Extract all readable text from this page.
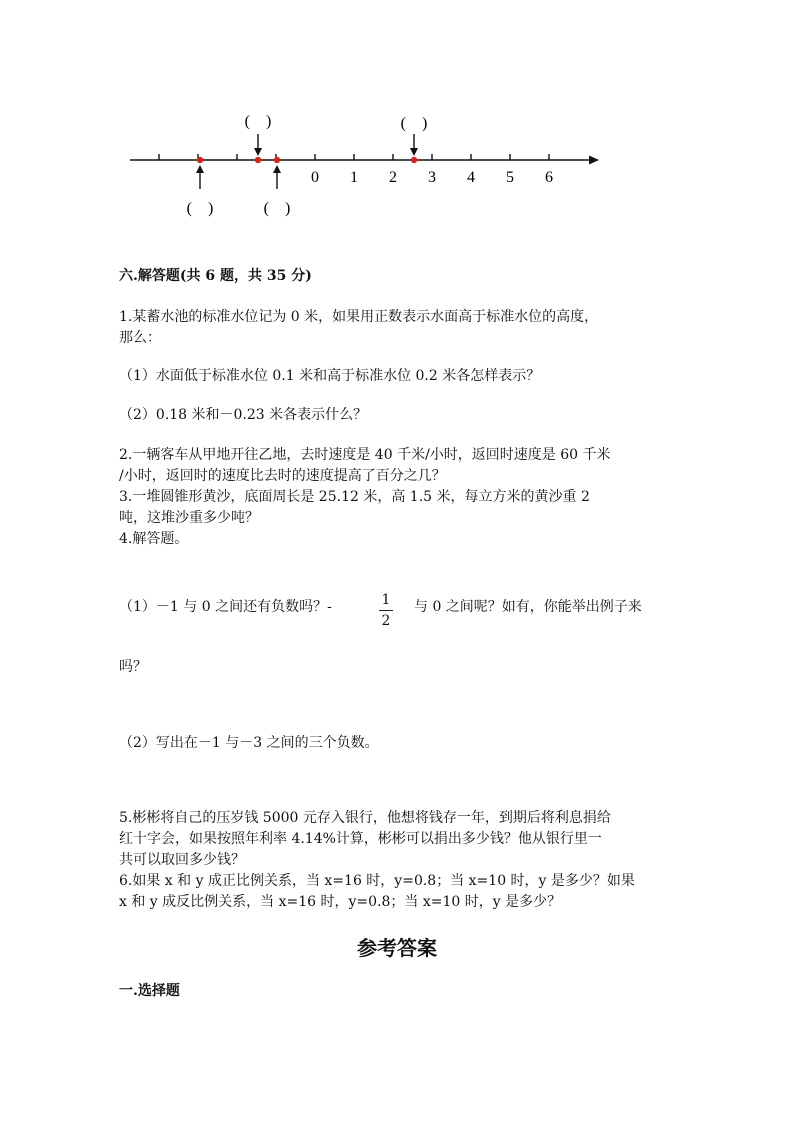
0 1 2 3 4 5 6
(    )	(    )
(    )	(    )
六.解答题(共 6 题，共 35 分)
1.某蓄水池的标准水位记为 0 米，如果用正数表示水面高于标准水位的高度，
那么：
（1）水面低于标准水位 0.1 米和高于标准水位 0.2 米各怎样表示？
（2）0.18 米和－0.23 米各表示什么？
2.一辆客车从甲地开往乙地，去时速度是 40 千米/小时，返回时速度是 60 千米
/小时，返回时的速度比去时的速度提高了百分之几？
3.一堆圆锥形黄沙，底面周长是 25.12 米，高 1.5 米，每立方米的黄沙重 2
吨，这堆沙重多少吨？
4.解答题。
（1）－1 与 0 之间还有负数吗？-	1
2
与 0 之间呢？如有，你能举出例子来
吗？
（2）写出在－1 与－3 之间的三个负数。
5.彬彬将自己的压岁钱 5000 元存入银行，他想将钱存一年，到期后将利息捐给
红十字会，如果按照年利率 4.14%计算，彬彬可以捐出多少钱？他从银行里一
共可以取回多少钱？
6.如果 x 和 y 成正比例关系，当 x=16 时，y=0.8；当 x=10 时，y 是多少？如果
x 和 y 成反比例关系，当 x=16 时，y=0.8；当 x=10 时，y 是多少？
参考答案
一.选择题
